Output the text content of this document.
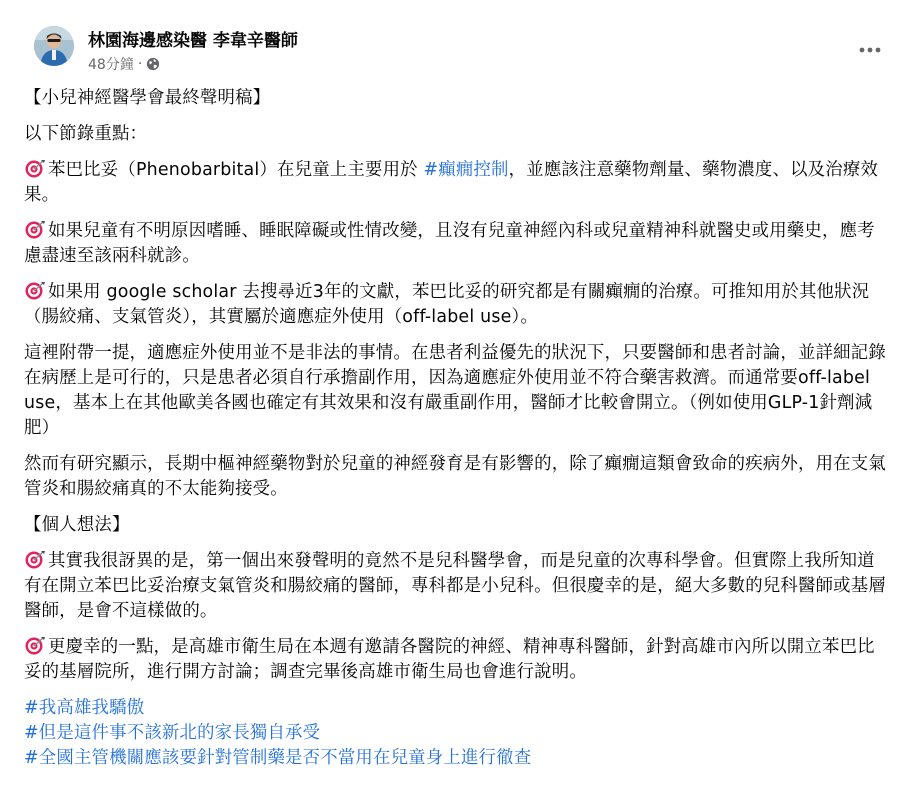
林園海邊感染醫 李韋辛醫師
48分鐘 ·

【小兒神經醫學會最終聲明稿】

以下節錄重點：

苯巴比妥（Phenobarbital）在兒童上主要用於 #癲癇控制，並應該注意藥物劑量、藥物濃度、以及治療效果。

如果兒童有不明原因嗜睡、睡眠障礙或性情改變，且沒有兒童神經內科或兒童精神科就醫史或用藥史，應考慮盡速至該兩科就診。

如果用 google scholar 去搜尋近3年的文獻，苯巴比妥的研究都是有關癲癇的治療。可推知用於其他狀況（腸絞痛、支氣管炎），其實屬於適應症外使用（off-label use）。

這裡附帶一提，適應症外使用並不是非法的事情。在患者利益優先的狀況下，只要醫師和患者討論，並詳細記錄在病歷上是可行的，只是患者必須自行承擔副作用，因為適應症外使用並不符合藥害救濟。而通常要off-label use，基本上在其他歐美各國也確定有其效果和沒有嚴重副作用，醫師才比較會開立。（例如使用GLP-1針劑減肥）

然而有研究顯示，長期中樞神經藥物對於兒童的神經發育是有影響的，除了癲癇這類會致命的疾病外，用在支氣管炎和腸絞痛真的不太能夠接受。

【個人想法】

其實我很訝異的是，第一個出來發聲明的竟然不是兒科醫學會，而是兒童的次專科學會。但實際上我所知道有在開立苯巴比妥治療支氣管炎和腸絞痛的醫師，專科都是小兒科。但很慶幸的是，絕大多數的兒科醫師或基層醫師，是會不這樣做的。

更慶幸的一點，是高雄市衛生局在本週有邀請各醫院的神經、精神專科醫師，針對高雄市內所以開立苯巴比妥的基層院所，進行開方討論；調查完畢後高雄市衛生局也會進行說明。

#我高雄我驕傲
#但是這件事不該新北的家長獨自承受
#全國主管機關應該要針對管制藥是否不當用在兒童身上進行徹查
